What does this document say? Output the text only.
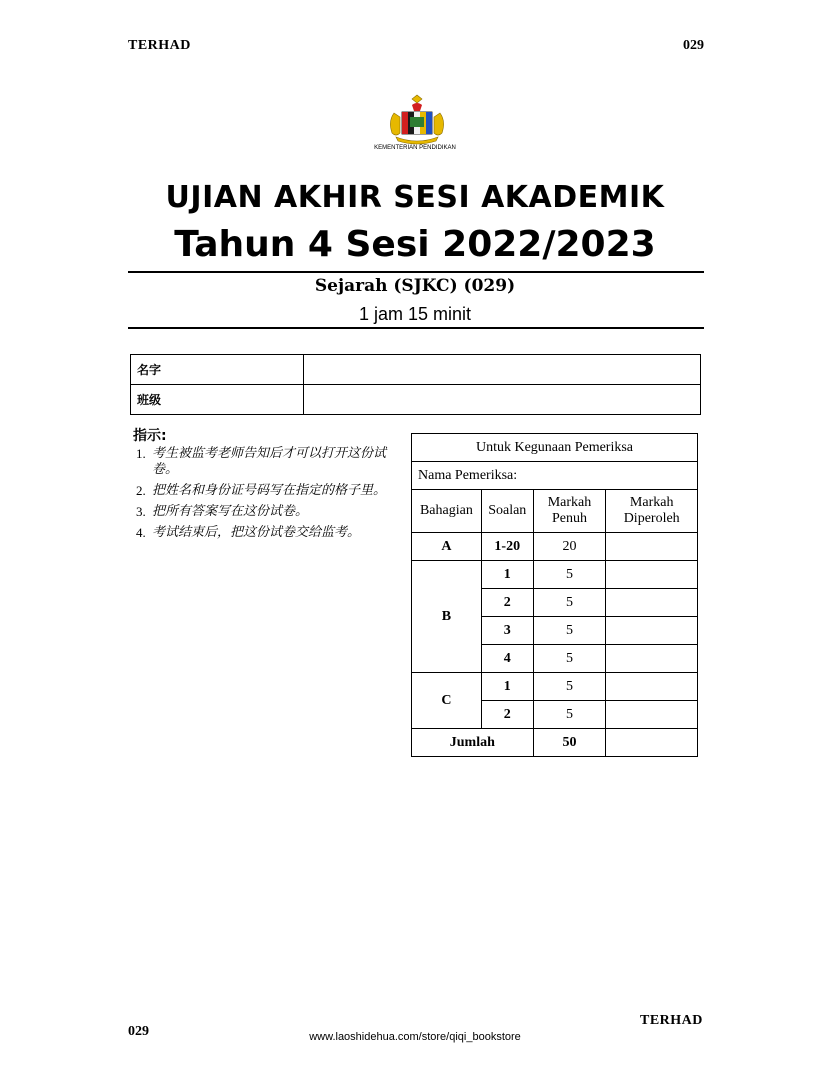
TERHAD	029
KEMENTERIAN PENDIDIKAN
UJIAN AKHIR SESI AKADEMIK
Tahun 4 Sesi 2022/2023
Sejarah (SJKC) (029)
1 jam 15 minit
名字	
班级	
指示:
1. 考生被监考老师告知后才可以打开这份试卷。
2. 把姓名和身份证号码写在指定的格子里。
3. 把所有答案写在这份试卷。
4. 考试结束后，把这份试卷交给监考。
Untuk Kegunaan Pemeriksa			
Nama Pemeriksa:			
Bahagian	Soalan	Markah Penuh	Markah Diperoleh
A	1-20	20	
B	1	5	
	2	5	
	3	5	
	4	5	
C	1	5	
	2	5	
Jumlah		50	
TERHAD
029	www.laoshidehua.com/store/qiqi_bookstore
